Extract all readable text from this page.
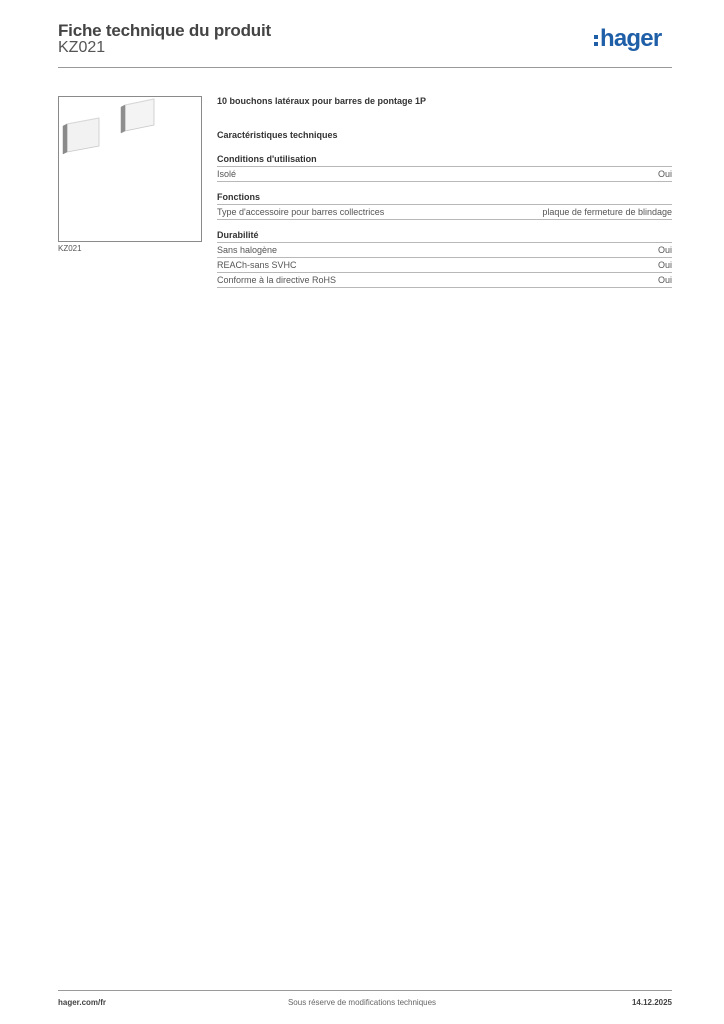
Fiche technique du produit
KZ021	hager
KZ021
10 bouchons latéraux pour barres de pontage 1P
Caractéristiques techniques
Conditions d'utilisation
Isolé	Oui
Fonctions
Type d'accessoire pour barres collectrices	plaque de fermeture de blindage
Durabilité
Sans halogène	Oui
REACh-sans SVHC	Oui
Conforme à la directive RoHS	Oui
hager.com/fr	Sous réserve de modifications techniques	14.12.2025
